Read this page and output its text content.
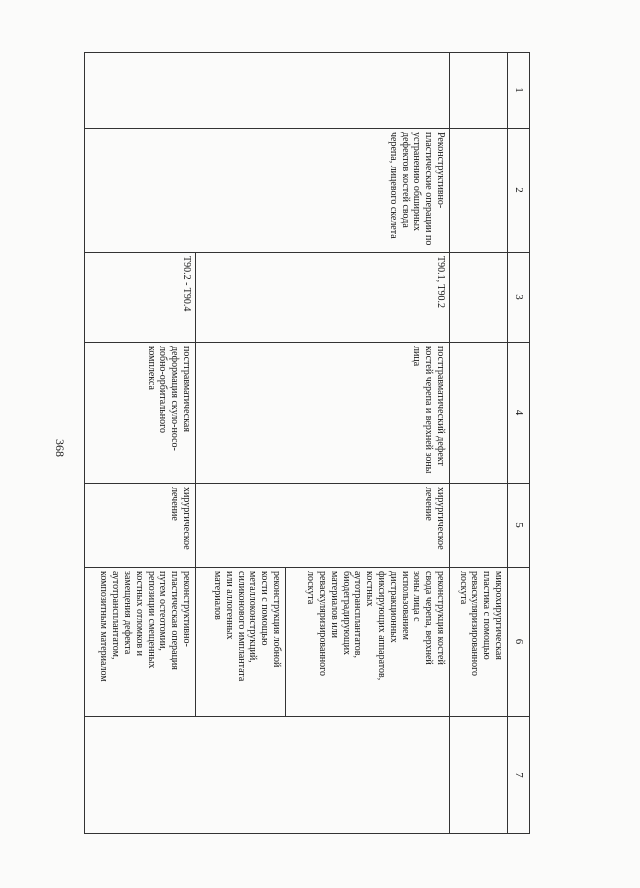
368
1
2
3
4
5
6
7
микрохирургическая
пластика с помощью
реваскуляризированного
лоскута
Реконструктивно-
пластические операции по
устранению обширных
дефектов костей свода
черепа, лицевого скелета
T90.1, T90.2
посттравматический дефект
костей черепа и верхней зоны
лица
хирургическое
лечение
реконструкция костей
свода черепа, верхней
зоны лица с
использованием
дистракционных
фиксирующих аппаратов,
костных
аутотрансплантатов,
биодеградирующих
материалов или
реваскуляризированного
лоскута
реконструкция лобной
кости с помощью
металлоконструкций,
силиконового имплантата
или аллогенных
материалов
T90.2 - T90.4
посттравматическая
деформация скуло-носо-
лобно-орбитального
комплекса
хирургическое
лечение
реконструктивно-
пластическая операция
путем остеотомии,
репозиции смещенных
костных отломков и
замещения дефекта
аутотрансплантатом,
композитным материалом
